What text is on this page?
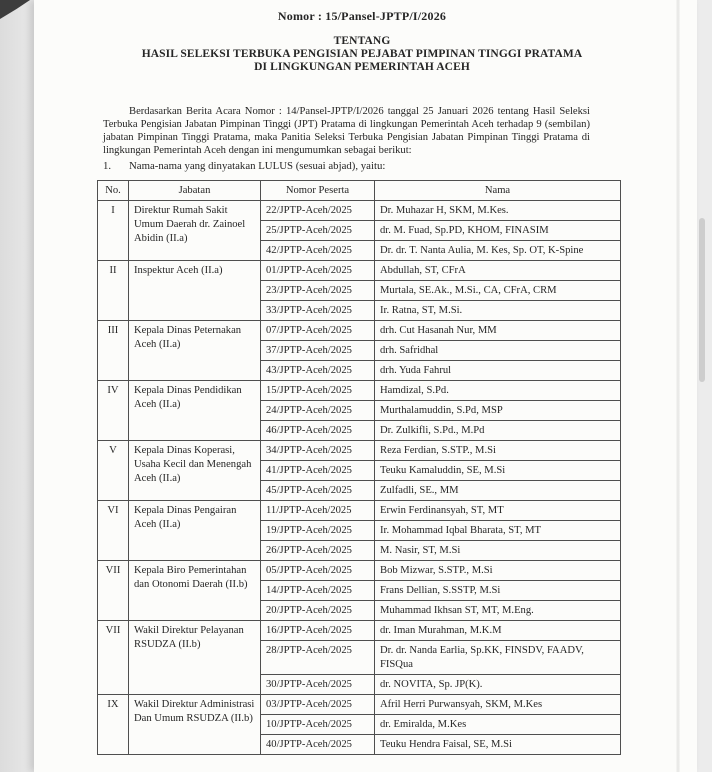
Nomor : 15/Pansel-JPTP/I/2026
TENTANG
HASIL SELEKSI TERBUKA PENGISIAN PEJABAT PIMPINAN TINGGI PRATAMA
DI LINGKUNGAN PEMERINTAH ACEH

Berdasarkan Berita Acara Nomor : 14/Pansel-JPTP/I/2026 tanggal 25 Januari 2026 tentang Hasil Seleksi Terbuka Pengisian Jabatan Pimpinan Tinggi (JPT) Pratama di lingkungan Pemerintah Aceh terhadap 9 (sembilan) jabatan Pimpinan Tinggi Pratama, maka Panitia Seleksi Terbuka Pengisian Jabatan Pimpinan Tinggi Pratama di lingkungan Pemerintah Aceh dengan ini mengumumkan sebagai berikut:

1.	Nama-nama yang dinyatakan LULUS (sesuai abjad), yaitu:
No.	Jabatan	Nomor Peserta	Nama
I	Direktur Rumah Sakit Umum Daerah dr. Zainoel Abidin (II.a)	22/JPTP-Aceh/2025	Dr. Muhazar H, SKM, M.Kes.
		25/JPTP-Aceh/2025	dr. M. Fuad, Sp.PD, KHOM, FINASIM
		42/JPTP-Aceh/2025	Dr. dr. T. Nanta Aulia, M. Kes, Sp. OT, K-Spine
II	Inspektur Aceh (II.a)	01/JPTP-Aceh/2025	Abdullah, ST, CFrA
		23/JPTP-Aceh/2025	Murtala, SE.Ak., M.Si., CA, CFrA, CRM
		33/JPTP-Aceh/2025	Ir. Ratna, ST, M.Si.
III	Kepala Dinas Peternakan Aceh (II.a)	07/JPTP-Aceh/2025	drh. Cut Hasanah Nur, MM
		37/JPTP-Aceh/2025	drh. Safridhal
		43/JPTP-Aceh/2025	drh. Yuda Fahrul
IV	Kepala Dinas Pendidikan Aceh (II.a)	15/JPTP-Aceh/2025	Hamdizal, S.Pd.
		24/JPTP-Aceh/2025	Murthalamuddin, S.Pd, MSP
		46/JPTP-Aceh/2025	Dr. Zulkifli, S.Pd., M.Pd
V	Kepala Dinas Koperasi, Usaha Kecil dan Menengah Aceh (II.a)	34/JPTP-Aceh/2025	Reza Ferdian, S.STP., M.Si
		41/JPTP-Aceh/2025	Teuku Kamaluddin, SE, M.Si
		45/JPTP-Aceh/2025	Zulfadli, SE., MM
VI	Kepala Dinas Pengairan Aceh (II.a)	11/JPTP-Aceh/2025	Erwin Ferdinansyah, ST, MT
		19/JPTP-Aceh/2025	Ir. Mohammad Iqbal Bharata, ST, MT
		26/JPTP-Aceh/2025	M. Nasir, ST, M.Si
VII	Kepala Biro Pemerintahan dan Otonomi Daerah (II.b)	05/JPTP-Aceh/2025	Bob Mizwar, S.STP., M.Si
		14/JPTP-Aceh/2025	Frans Dellian, S.SSTP, M.Si
		20/JPTP-Aceh/2025	Muhammad Ikhsan ST, MT, M.Eng.
VII	Wakil Direktur Pelayanan RSUDZA (II.b)	16/JPTP-Aceh/2025	dr. Iman Murahman, M.K.M
		28/JPTP-Aceh/2025	Dr. dr. Nanda Earlia, Sp.KK, FINSDV, FAADV, FISQua
		30/JPTP-Aceh/2025	dr. NOVITA, Sp. JP(K).
IX	Wakil Direktur Administrasi Dan Umum RSUDZA (II.b)	03/JPTP-Aceh/2025	Afril Herri Purwansyah, SKM, M.Kes
		10/JPTP-Aceh/2025	dr. Emiralda, M.Kes
		40/JPTP-Aceh/2025	Teuku Hendra Faisal, SE, M.Si
